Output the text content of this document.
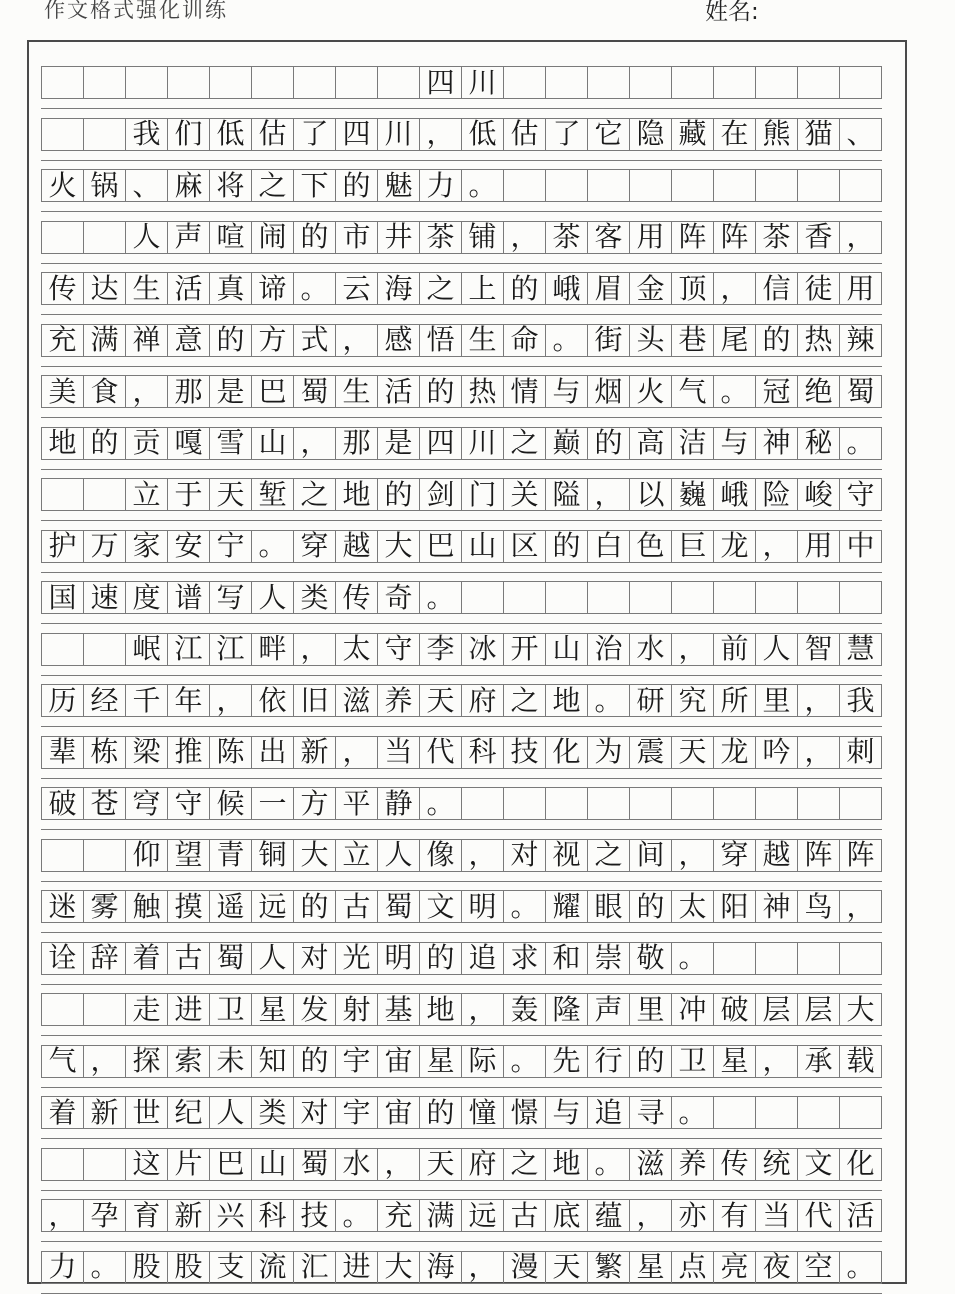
作文格式强化训练	姓名:
四 川
我 们 低 估 了 四 川 ， 低 估 了 它 隐 藏 在 熊 猫 、
火 锅 、 麻 将 之 下 的 魅 力 。
人 声 喧 闹 的 市 井 茶 铺 ， 茶 客 用 阵 阵 茶 香 ，
传 达 生 活 真 谛 。 云 海 之 上 的 峨 眉 金 顶 ， 信 徒 用
充 满 禅 意 的 方 式 ， 感 悟 生 命 。 街 头 巷 尾 的 热 辣
美 食 ， 那 是 巴 蜀 生 活 的 热 情 与 烟 火 气 。 冠 绝 蜀
地 的 贡 嘎 雪 山 ， 那 是 四 川 之 巅 的 高 洁 与 神 秘 。
立 于 天 堑 之 地 的 剑 门 关 隘 ， 以 巍 峨 险 峻 守
护 万 家 安 宁 。 穿 越 大 巴 山 区 的 白 色 巨 龙 ， 用 中
国 速 度 谱 写 人 类 传 奇 。
岷 江 江 畔 ， 太 守 李 冰 开 山 治 水 ， 前 人 智 慧
历 经 千 年 ， 依 旧 滋 养 天 府 之 地 。 研 究 所 里 ， 我
辈 栋 梁 推 陈 出 新 ， 当 代 科 技 化 为 震 天 龙 吟 ， 刺
破 苍 穹 守 候 一 方 平 静 。
仰 望 青 铜 大 立 人 像 ， 对 视 之 间 ， 穿 越 阵 阵
迷 雾 触 摸 遥 远 的 古 蜀 文 明 。 耀 眼 的 太 阳 神 鸟 ，
诠 辞 着 古 蜀 人 对 光 明 的 追 求 和 崇 敬 。
走 进 卫 星 发 射 基 地 ， 轰 隆 声 里 冲 破 层 层 大
气 ， 探 索 未 知 的 宇 宙 星 际 。 先 行 的 卫 星 ， 承 载
着 新 世 纪 人 类 对 宇 宙 的 憧 憬 与 追 寻 。
这 片 巴 山 蜀 水 ， 天 府 之 地 。 滋 养 传 统 文 化
， 孕 育 新 兴 科 技 。 充 满 远 古 底 蕴 ， 亦 有 当 代 活
力 。 股 股 支 流 汇 进 大 海 ， 漫 天 繁 星 点 亮 夜 空 。
